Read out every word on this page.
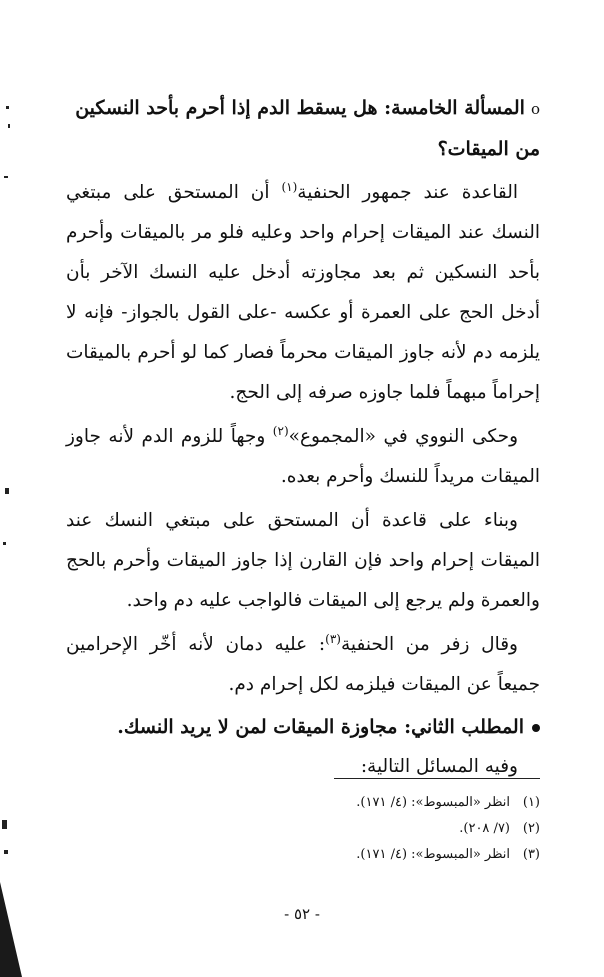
oالمسألة الخامسة: هل يسقط الدم إذا أحرم بأحد النسكين من الميقات؟

القاعدة عند جمهور الحنفية$^{(١)}$ أن المستحق على مبتغي النسك عند الميقات إحرام واحد وعليه فلو مر بالميقات وأحرم بأحد النسكين ثم بعد مجاوزته أدخل عليه النسك الآخر بأن أدخل الحج على العمرة أو عكسه -على القول بالجواز- فإنه لا يلزمه دم لأنه جاوز الميقات محرماً فصار كما لو أحرم بالميقات إحراماً مبهماً فلما جاوزه صرفه إلى الحج.

وحكى النووي في «المجموع»$^{(٢)}$ وجهاً للزوم الدم لأنه جاوز الميقات مريداً للنسك وأحرم بعده.

وبناء على قاعدة أن المستحق على مبتغي النسك عند الميقات إحرام واحد فإن القارن إذا جاوز الميقات وأحرم بالحج والعمرة ولم يرجع إلى الميقات فالواجب عليه دم واحد.

وقال زفر من الحنفية$^{(٣)}$: عليه دمان لأنه أخّر الإحرامين جميعاً عن الميقات فيلزمه لكل إحرام دم.

المطلب الثاني: مجاوزة الميقات لمن لا يريد النسك.

وفيه المسائل التالية:

(١)انظر «المبسوط»: (٤/ ١٧١).

(٢)(٧/ ٢٠٨).

(٣)انظر «المبسوط»: (٤/ ١٧١).

- ٥٢ -
